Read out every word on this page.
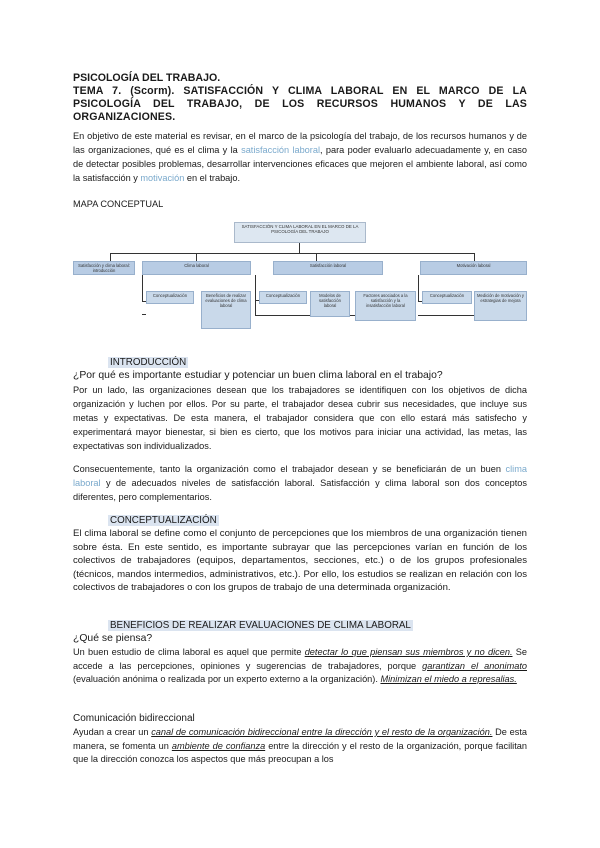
PSICOLOGÍA DEL TRABAJO.
TEMA 7. (Scorm). SATISFACCIÓN Y CLIMA LABORAL EN EL MARCO DE LA PSICOLOGÍA DEL TRABAJO, DE LOS RECURSOS HUMANOS Y DE LAS ORGANIZACIONES.
En objetivo de este material es revisar, en el marco de la psicología del trabajo, de los recursos humanos y de las organizaciones, qué es el clima y la satisfacción laboral, para poder evaluarlo adecuadamente y, en caso de detectar posibles problemas, desarrollar intervenciones eficaces que mejoren el ambiente laboral, así como la satisfacción y motivación en el trabajo.
MAPA CONCEPTUAL
SATISFACCIÓN Y CLIMA LABORAL EN EL MARCO DE LA PSICOLOGÍA DEL TRABAJO
Satisfacción y clima laboral: introducción
Clima laboral	Satisfacción laboral	Motivación laboral
Conceptualización	Beneficios de realizar evaluaciones de clima laboral
Conceptualización	Modelos de satisfacción laboral
Factores asociados a la satisfacción y la insatisfacción laboral
Conceptualización	Medición de motivación y estrategias de mejora
INTRODUCCIÓN
¿Por qué es importante estudiar y potenciar un buen clima laboral en el trabajo?
Por un lado, las organizaciones desean que los trabajadores se identifiquen con los objetivos de dicha organización y luchen por ellos. Por su parte, el trabajador desea cubrir sus necesidades, que incluye sus metas y expectativas. De esta manera, el trabajador considera que con ello estará más satisfecho y experimentará mayor bienestar, si bien es cierto, que los motivos para iniciar una actividad, las metas, las expectativas son individualizados.
Consecuentemente, tanto la organización como el trabajador desean y se beneficiarán de un buen clima laboral y de adecuados niveles de satisfacción laboral. Satisfacción y clima laboral son dos conceptos diferentes, pero complementarios.
CONCEPTUALIZACIÓN
El clima laboral se define como el conjunto de percepciones que los miembros de una organización tienen sobre ésta. En este sentido, es importante subrayar que las percepciones varían en función de los colectivos de trabajadores (equipos, departamentos, secciones, etc.) o de los grupos profesionales (técnicos, mandos intermedios, administrativos, etc.). Por ello, los estudios se realizan en relación con los colectivos de trabajadores o con los grupos de trabajo de una determinada organización.
BENEFICIOS DE REALIZAR EVALUACIONES DE CLIMA LABORAL
¿Qué se piensa?
Un buen estudio de clima laboral es aquel que permite detectar lo que piensan sus miembros y no dicen. Se accede a las percepciones, opiniones y sugerencias de trabajadores, porque garantizan el anonimato (evaluación anónima o realizada por un experto externo a la organización). Minimizan el miedo a represalias.
Comunicación bidireccional
Ayudan a crear un canal de comunicación bidireccional entre la dirección y el resto de la organización. De esta manera, se fomenta un ambiente de confianza entre la dirección y el resto de la organización, porque facilitan que la dirección conozca los aspectos que más preocupan a los
